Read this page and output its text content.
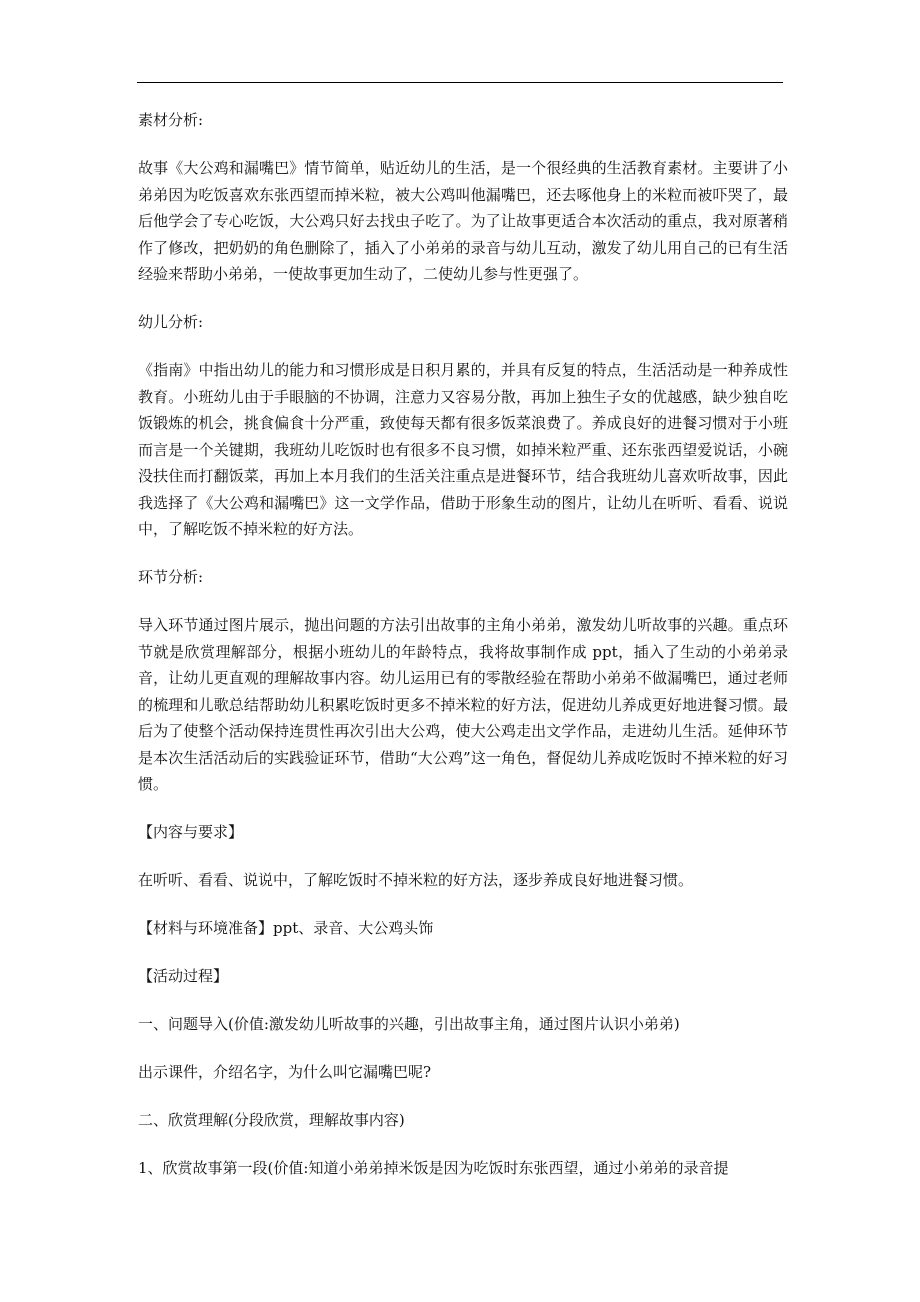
素材分析:

故事《大公鸡和漏嘴巴》情节简单，贴近幼儿的生活，是一个很经典的生活教育素材。主要讲了小弟弟因为吃饭喜欢东张西望而掉米粒，被大公鸡叫他漏嘴巴，还去啄他身上的米粒而被吓哭了，最后他学会了专心吃饭，大公鸡只好去找虫子吃了。为了让故事更适合本次活动的重点，我对原著稍作了修改，把奶奶的角色删除了，插入了小弟弟的录音与幼儿互动，激发了幼儿用自己的已有生活经验来帮助小弟弟，一使故事更加生动了，二使幼儿参与性更强了。

幼儿分析:

《指南》中指出幼儿的能力和习惯形成是日积月累的，并具有反复的特点，生活活动是一种养成性教育。小班幼儿由于手眼脑的不协调，注意力又容易分散，再加上独生子女的优越感，缺少独自吃饭锻炼的机会，挑食偏食十分严重，致使每天都有很多饭菜浪费了。养成良好的进餐习惯对于小班而言是一个关键期，我班幼儿吃饭时也有很多不良习惯，如掉米粒严重、还东张西望爱说话，小碗没扶住而打翻饭菜，再加上本月我们的生活关注重点是进餐环节，结合我班幼儿喜欢听故事，因此我选择了《大公鸡和漏嘴巴》这一文学作品，借助于形象生动的图片，让幼儿在听听、看看、说说中，了解吃饭不掉米粒的好方法。

环节分析:

导入环节通过图片展示，抛出问题的方法引出故事的主角小弟弟，激发幼儿听故事的兴趣。重点环节就是欣赏理解部分，根据小班幼儿的年龄特点，我将故事制作成 ppt，插入了生动的小弟弟录音，让幼儿更直观的理解故事内容。幼儿运用已有的零散经验在帮助小弟弟不做漏嘴巴，通过老师的梳理和儿歌总结帮助幼儿积累吃饭时更多不掉米粒的好方法，促进幼儿养成更好地进餐习惯。最后为了使整个活动保持连贯性再次引出大公鸡，使大公鸡走出文学作品，走进幼儿生活。延伸环节是本次生活活动后的实践验证环节，借助“大公鸡”这一角色，督促幼儿养成吃饭时不掉米粒的好习惯。

【内容与要求】

在听听、看看、说说中，了解吃饭时不掉米粒的好方法，逐步养成良好地进餐习惯。

【材料与环境准备】ppt、录音、大公鸡头饰

【活动过程】

一、问题导入(价值:激发幼儿听故事的兴趣，引出故事主角，通过图片认识小弟弟)

出示课件，介绍名字，为什么叫它漏嘴巴呢?

二、欣赏理解(分段欣赏，理解故事内容)

1、欣赏故事第一段(价值:知道小弟弟掉米饭是因为吃饭时东张西望，通过小弟弟的录音提
